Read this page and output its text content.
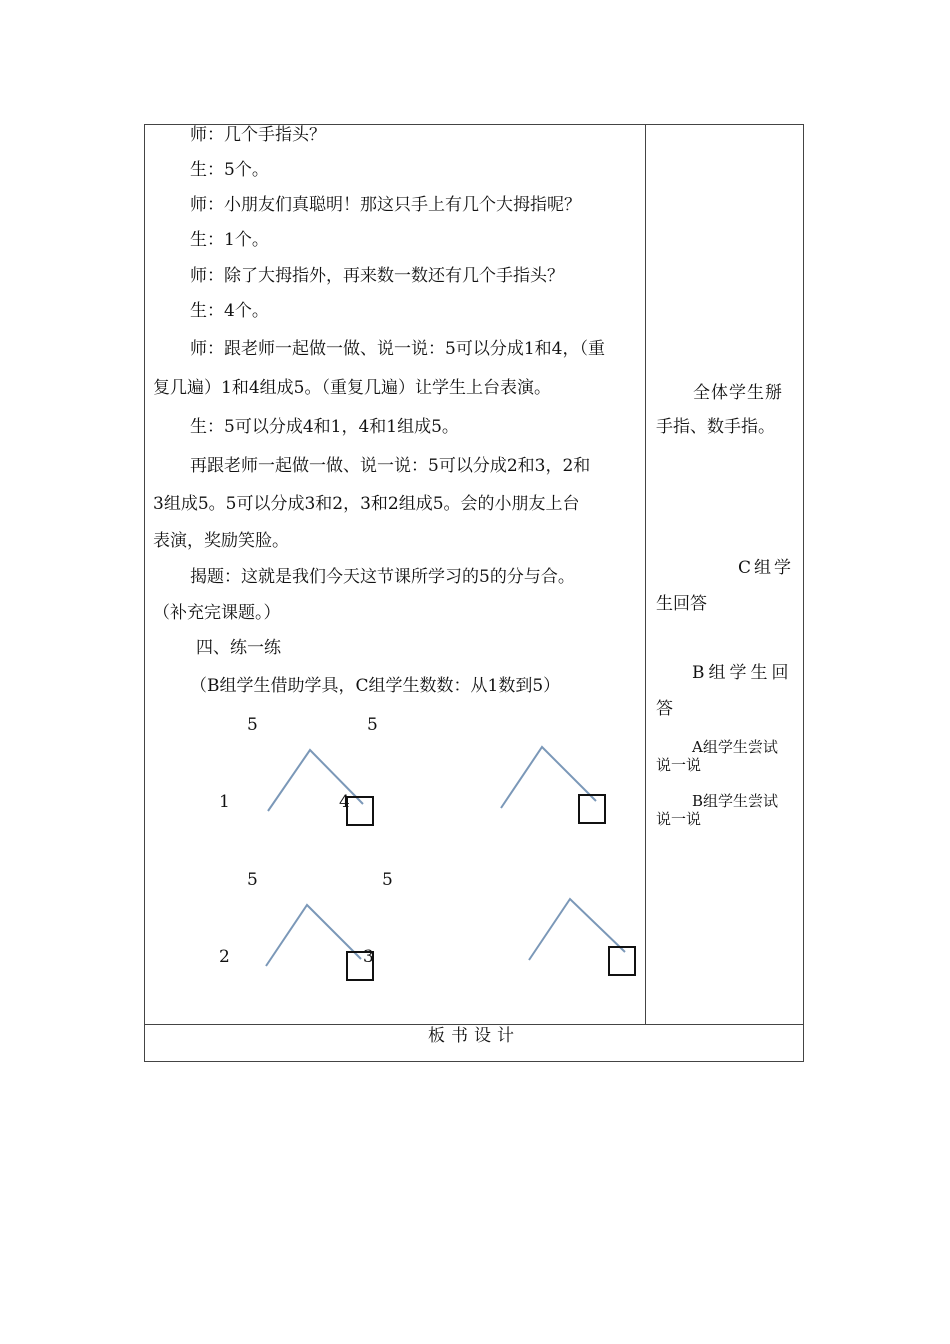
师：几个手指头？
生：5个。
师：小朋友们真聪明！那这只手上有几个大拇指呢？
生：1个。
师：除了大拇指外，再来数一数还有几个手指头？
生：4个。
师：跟老师一起做一做、说一说：5可以分成1和4，（重
复几遍）1和4组成5。（重复几遍）让学生上台表演。
生：5可以分成4和1，4和1组成5。
再跟老师一起做一做、说一说：5可以分成2和3，2和
3组成5。5可以分成3和2，3和2组成5。会的小朋友上台
表演，奖励笑脸。
揭题：这就是我们今天这节课所学习的5的分与合。
（补充完课题。）
四、练一练
（B组学生借助学具，C组学生数数：从1数到5）
全体学生掰
手指、数手指。
C组学
生回答
B组学生回
答
A组学生尝试
说一说
B组学生尝试
说一说
5
1	4
5
5
2	3
5
板书设计
